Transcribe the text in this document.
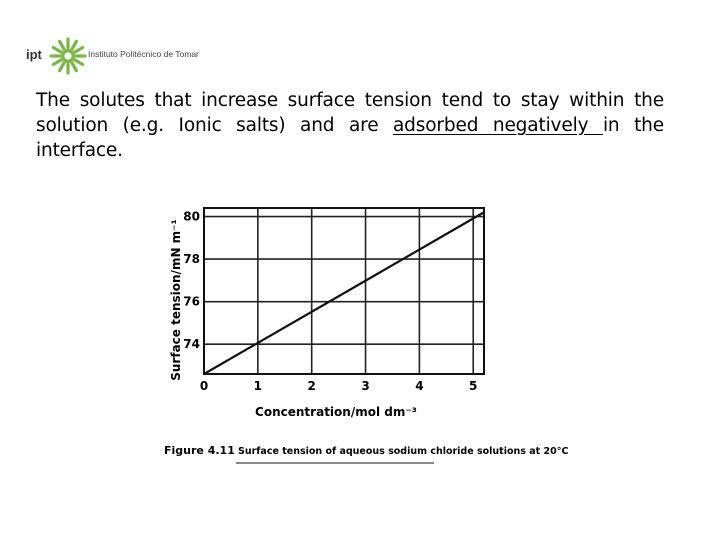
ipt	Instituto Politécnico de Tomar

The solutes that increase surface tension tend to stay within the solution (e.g. Ionic salts) and are adsorbed negatively in the interface.

0	1	2	3	4	5
74
76
78
80
Concentration/mol dm⁻³
Surface tension/mN m⁻¹
Figure 4.11 Surface tension of aqueous sodium chloride solutions at 20°C
